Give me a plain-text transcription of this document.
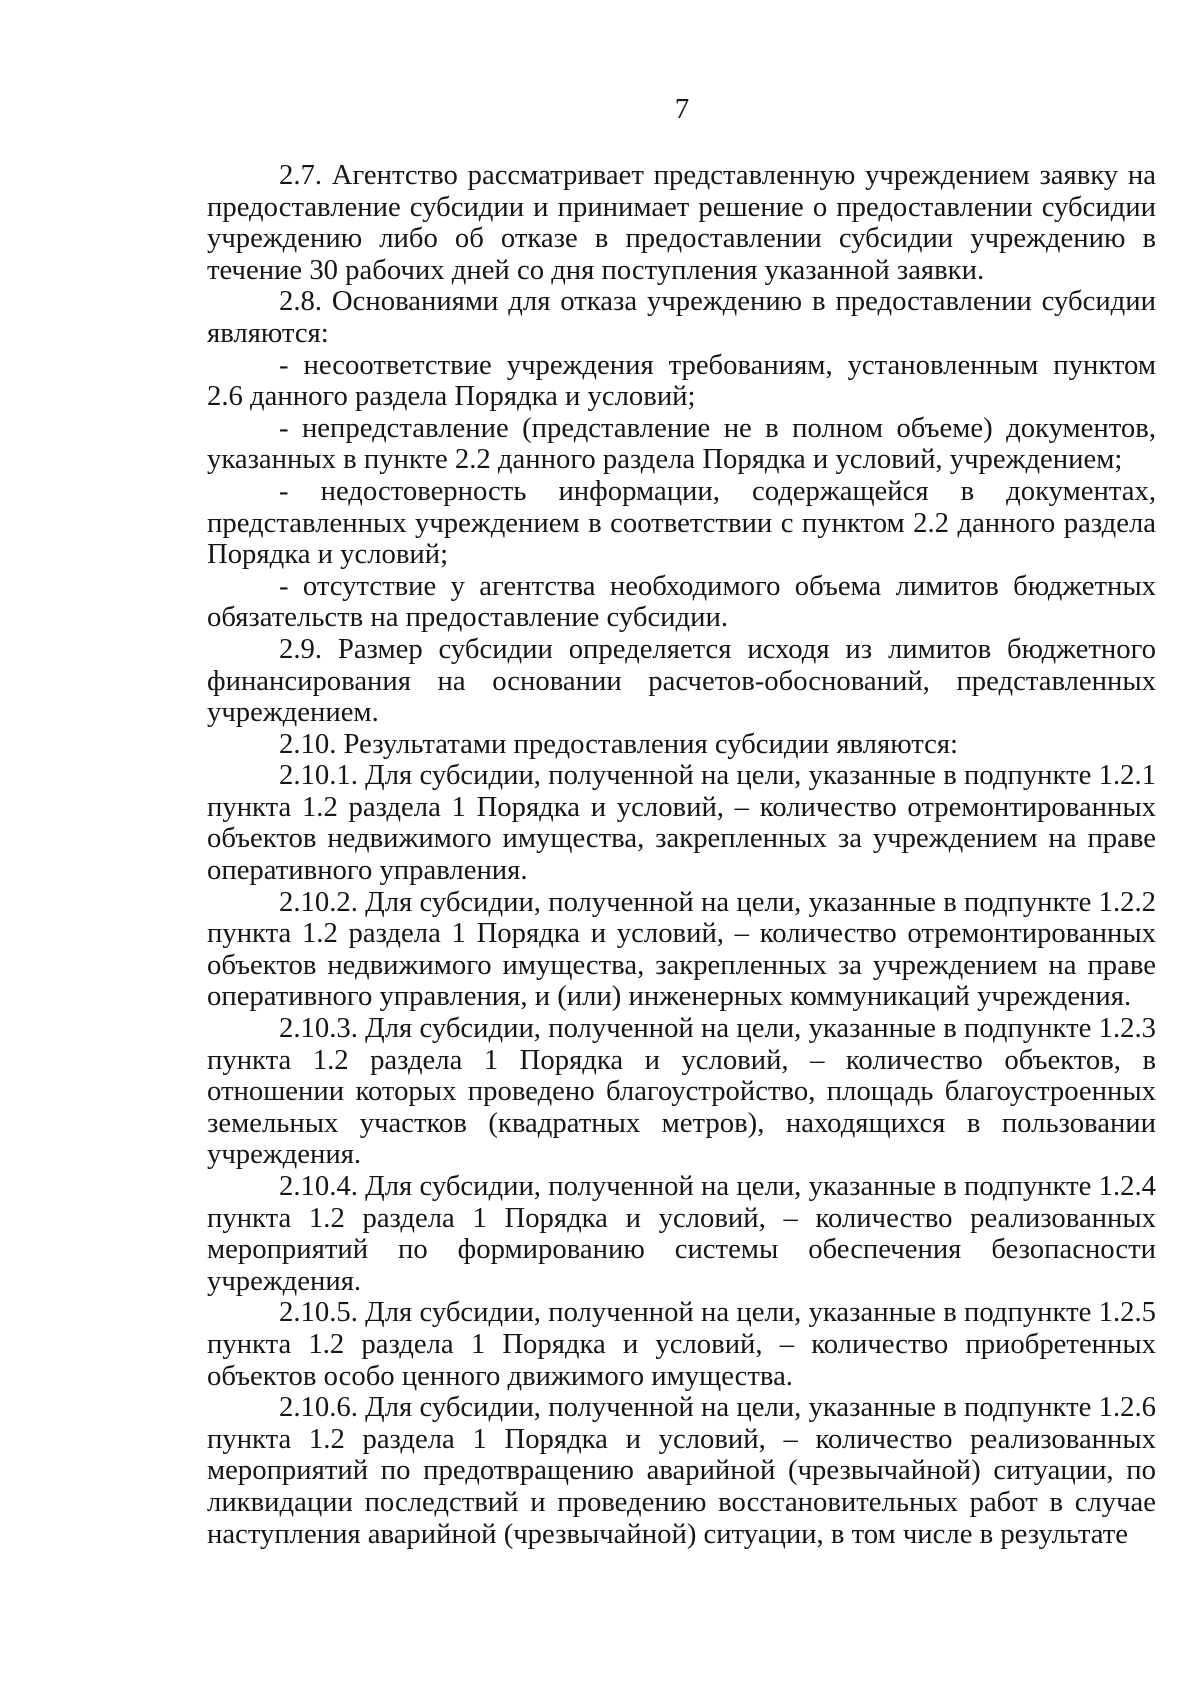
7

2.7. Агентство рассматривает представленную учреждением заявку на предоставление субсидии и принимает решение о предоставлении субсидии учреждению либо об отказе в предоставлении субсидии учреждению в течение 30 рабочих дней со дня поступления указанной заявки.

2.8. Основаниями для отказа учреждению в предоставлении субсидии являются:

- несоответствие учреждения требованиям, установленным пунктом 2.6 данного раздела Порядка и условий;

- непредставление (представление не в полном объеме) документов, указанных в пункте 2.2 данного раздела Порядка и условий, учреждением;

- недостоверность информации, содержащейся в документах, представленных учреждением в соответствии с пунктом 2.2 данного раздела Порядка и условий;

- отсутствие у агентства необходимого объема лимитов бюджетных обязательств на предоставление субсидии.

2.9. Размер субсидии определяется исходя из лимитов бюджетного финансирования на основании расчетов-обоснований, представленных учреждением.

2.10. Результатами предоставления субсидии являются:

2.10.1. Для субсидии, полученной на цели, указанные в подпункте 1.2.1 пункта 1.2 раздела 1 Порядка и условий, – количество отремонтированных объектов недвижимого имущества, закрепленных за учреждением на праве оперативного управления.

2.10.2. Для субсидии, полученной на цели, указанные в подпункте 1.2.2 пункта 1.2 раздела 1 Порядка и условий, – количество отремонтированных объектов недвижимого имущества, закрепленных за учреждением на праве оперативного управления, и (или) инженерных коммуникаций учреждения.

2.10.3. Для субсидии, полученной на цели, указанные в подпункте 1.2.3 пункта 1.2 раздела 1 Порядка и условий, – количество объектов, в отношении которых проведено благоустройство, площадь благоустроенных земельных участков (квадратных метров), находящихся в пользовании учреждения.

2.10.4. Для субсидии, полученной на цели, указанные в подпункте 1.2.4 пункта 1.2 раздела 1 Порядка и условий, – количество реализованных мероприятий по формированию системы обеспечения безопасности учреждения.

2.10.5. Для субсидии, полученной на цели, указанные в подпункте 1.2.5 пункта 1.2 раздела 1 Порядка и условий, – количество приобретенных объектов особо ценного движимого имущества.

2.10.6. Для субсидии, полученной на цели, указанные в подпункте 1.2.6 пункта 1.2 раздела 1 Порядка и условий, – количество реализованных мероприятий по предотвращению аварийной (чрезвычайной) ситуации, по ликвидации последствий и проведению восстановительных работ в случае наступления аварийной (чрезвычайной) ситуации, в том числе в результате
